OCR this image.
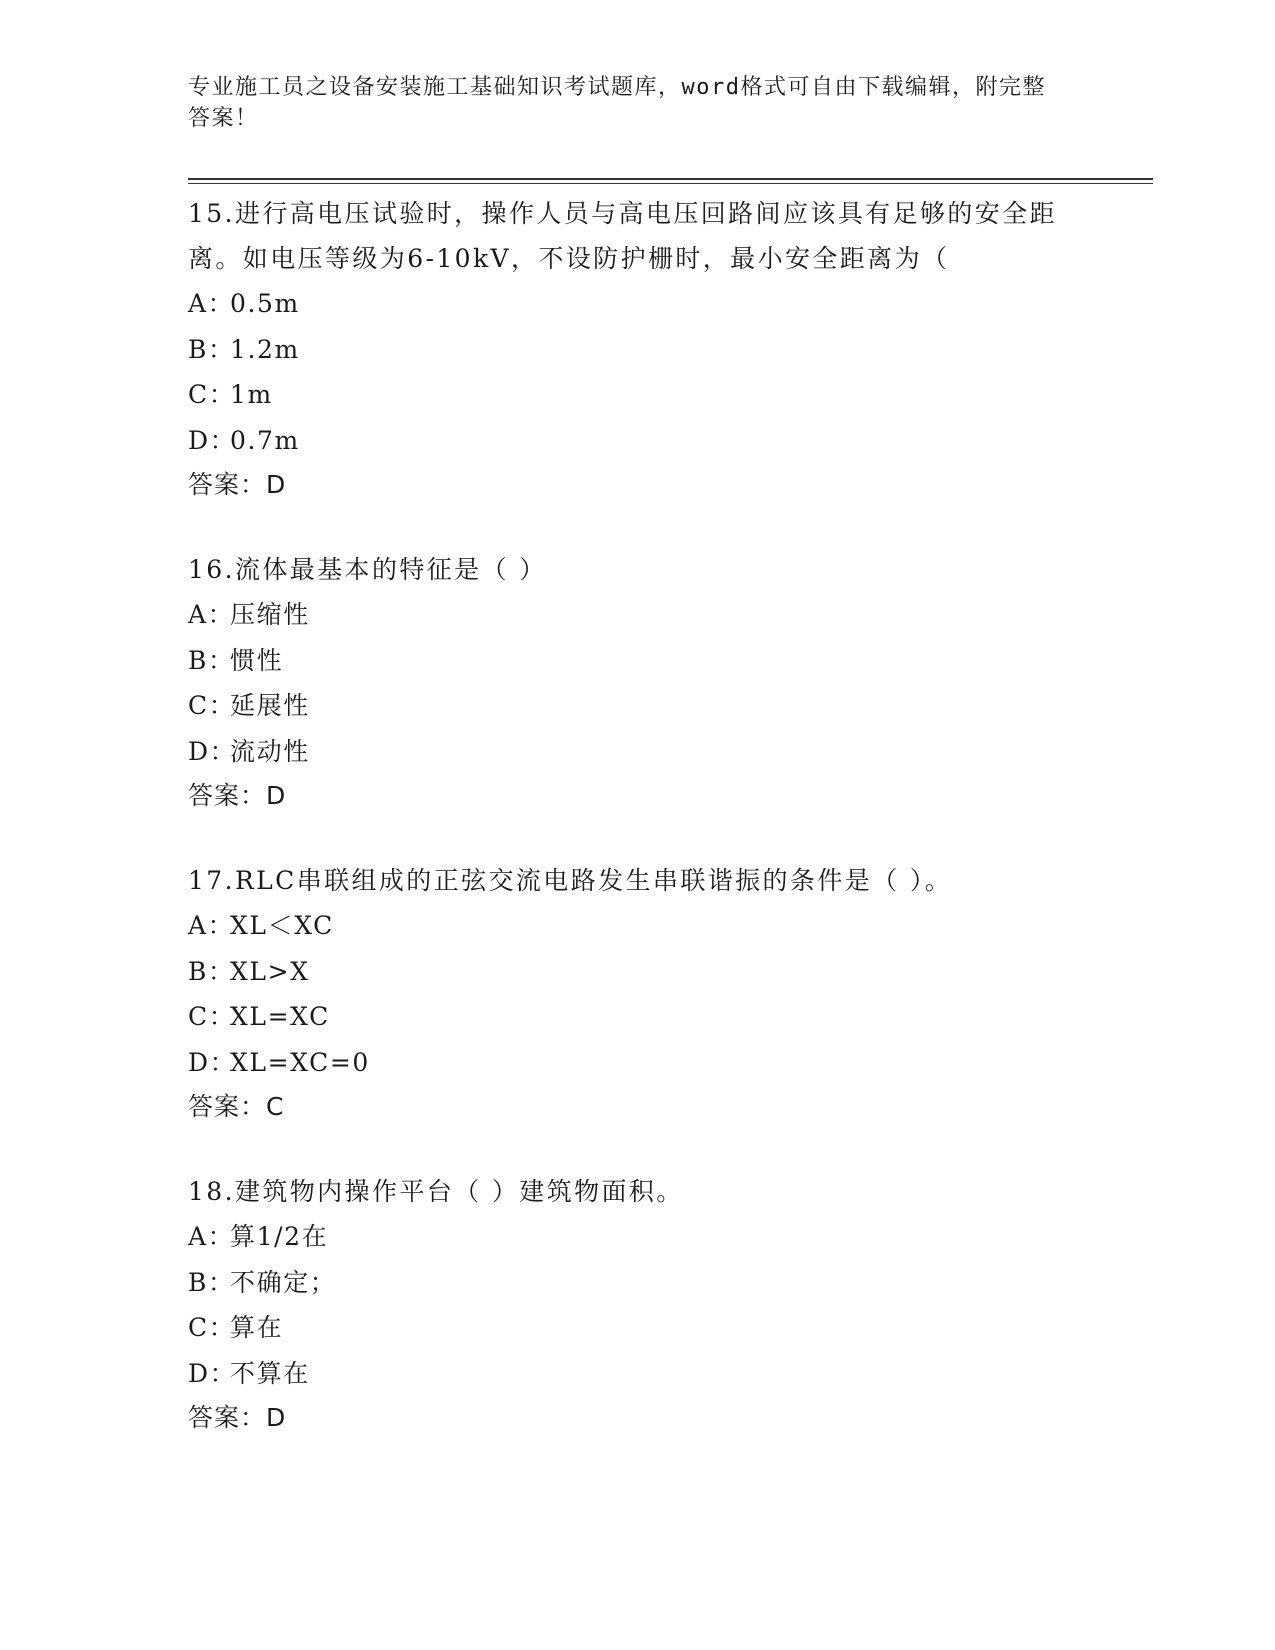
专业施工员之设备安装施工基础知识考试题库，word格式可自由下载编辑，附完整答案！
15.进行高电压试验时，操作人员与高电压回路间应该具有足够的安全距离。如电压等级为6-10kV，不设防护栅时，最小安全距离为（
A：
0.5m
B：
1.2m
C：
1m
D：
0.7m
答案：D
16.流体最基本的特征是（ ）
A：
压缩性
B：
惯性
C：
延展性
D：
流动性
答案：D
17.RLC串联组成的正弦交流电路发生串联谐振的条件是（ ）。
A：
XL＜XC
B：
XL>X
C：
XL=XC
D：
XL=XC=0
答案：C
18.建筑物内操作平台（ ）建筑物面积。
A：
算1/2在
B：
不确定；
C：
算在
D：
不算在
答案：D
